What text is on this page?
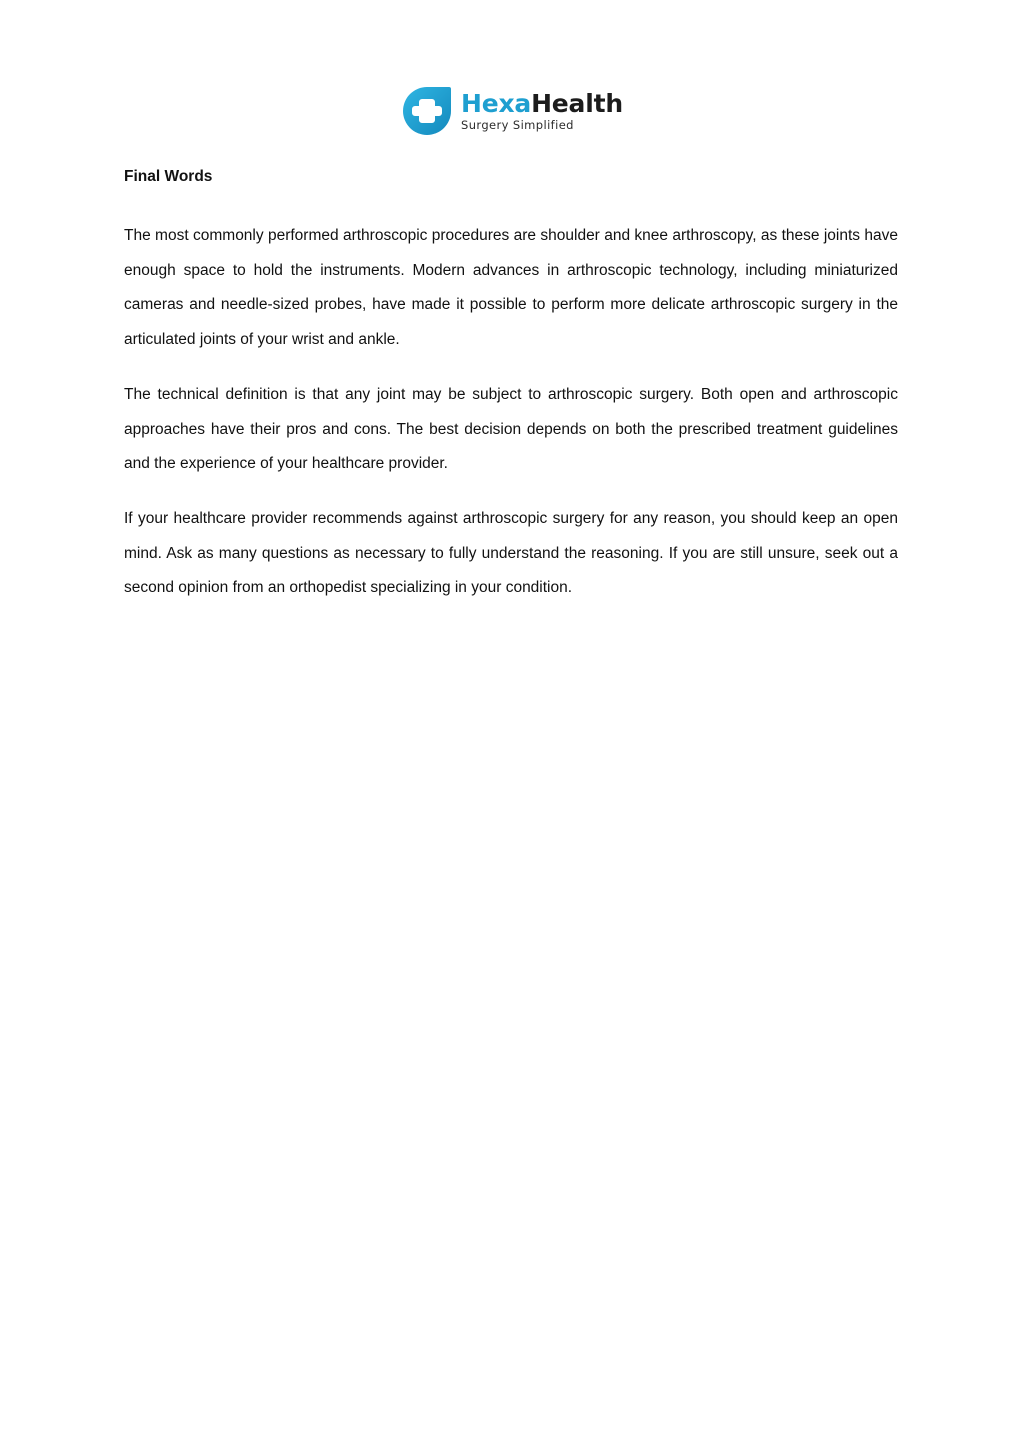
HexaHealth
Surgery Simplified
Final Words

The most commonly performed arthroscopic procedures are shoulder and knee arthroscopy, as these joints have enough space to hold the instruments. Modern advances in arthroscopic technology, including miniaturized cameras and needle-sized probes, have made it possible to perform more delicate arthroscopic surgery in the articulated joints of your wrist and ankle.

The technical definition is that any joint may be subject to arthroscopic surgery. Both open and arthroscopic approaches have their pros and cons. The best decision depends on both the prescribed treatment guidelines and the experience of your healthcare provider.

If your healthcare provider recommends against arthroscopic surgery for any reason, you should keep an open mind. Ask as many questions as necessary to fully understand the reasoning. If you are still unsure, seek out a second opinion from an orthopedist specializing in your condition.
